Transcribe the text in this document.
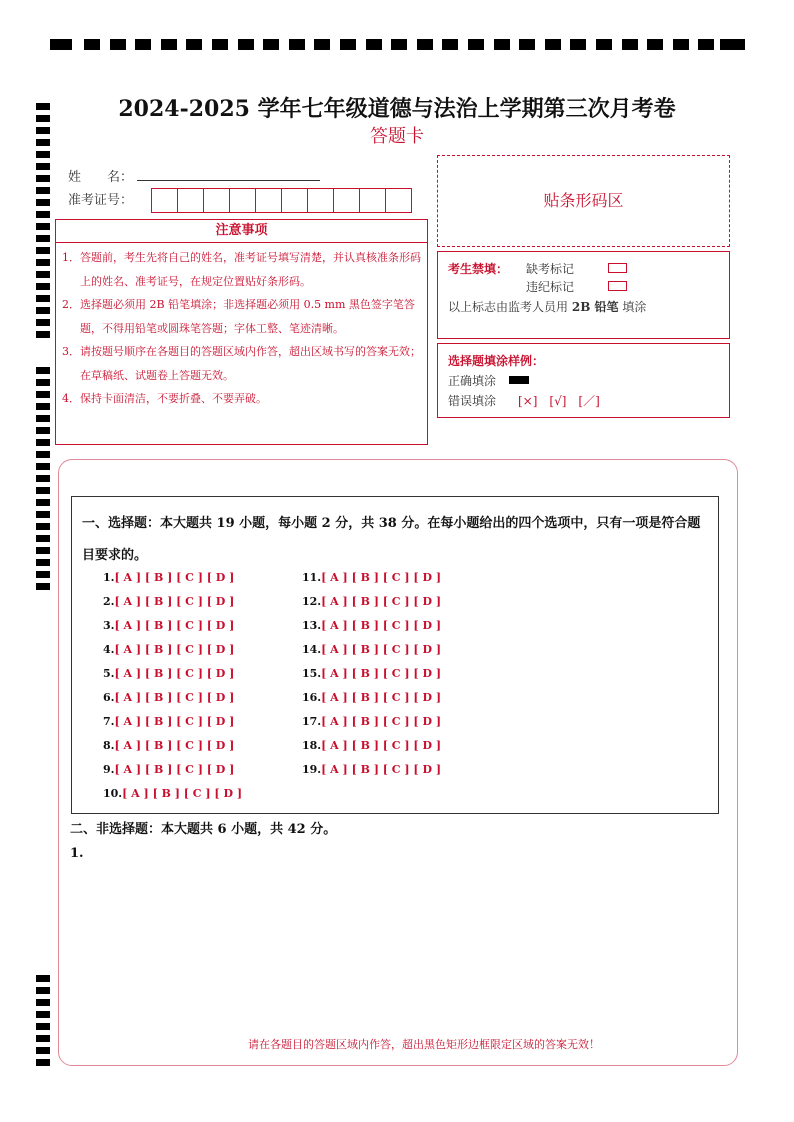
2024-2025 学年七年级道德与法治上学期第三次月考卷
答题卡
姓　　名：
准考证号：
注意事项
1．答题前，考生先将自己的姓名，准考证号填写清楚，并认真核准条形码上的姓名、准考证号，在规定位置贴好条形码。
2．选择题必须用 2B 铅笔填涂；非选择题必须用 0.5 mm 黑色签字笔答题，不得用铅笔或圆珠笔答题；字体工整、笔迹清晰。
3．请按题号顺序在各题目的答题区域内作答，超出区域书写的答案无效；在草稿纸、试题卷上答题无效。
4．保持卡面清洁，不要折叠、不要弄破。
贴条形码区
考生禁填： 缺考标记
违纪标记
以上标志由监考人员用 2B 铅笔 填涂
选择题填涂样例：
正确填涂
错误填涂 [×]　[√]　[／]
一、选择题：本大题共 19 小题，每小题 2 分，共 38 分。在每小题给出的四个选项中，只有一项是符合题目要求的。
1.[ A ] [ B ] [ C ] [ D ]
2.[ A ] [ B ] [ C ] [ D ]
3.[ A ] [ B ] [ C ] [ D ]
4.[ A ] [ B ] [ C ] [ D ]
5.[ A ] [ B ] [ C ] [ D ]
6.[ A ] [ B ] [ C ] [ D ]
7.[ A ] [ B ] [ C ] [ D ]
8.[ A ] [ B ] [ C ] [ D ]
9.[ A ] [ B ] [ C ] [ D ]
10.[ A ] [ B ] [ C ] [ D ]
11.[ A ] [ B ] [ C ] [ D ]
12.[ A ] [ B ] [ C ] [ D ]
13.[ A ] [ B ] [ C ] [ D ]
14.[ A ] [ B ] [ C ] [ D ]
15.[ A ] [ B ] [ C ] [ D ]
16.[ A ] [ B ] [ C ] [ D ]
17.[ A ] [ B ] [ C ] [ D ]
18.[ A ] [ B ] [ C ] [ D ]
19.[ A ] [ B ] [ C ] [ D ]
二、非选择题：本大题共 6 小题，共 42 分。
1.
请在各题目的答题区域内作答，超出黑色矩形边框限定区域的答案无效！
